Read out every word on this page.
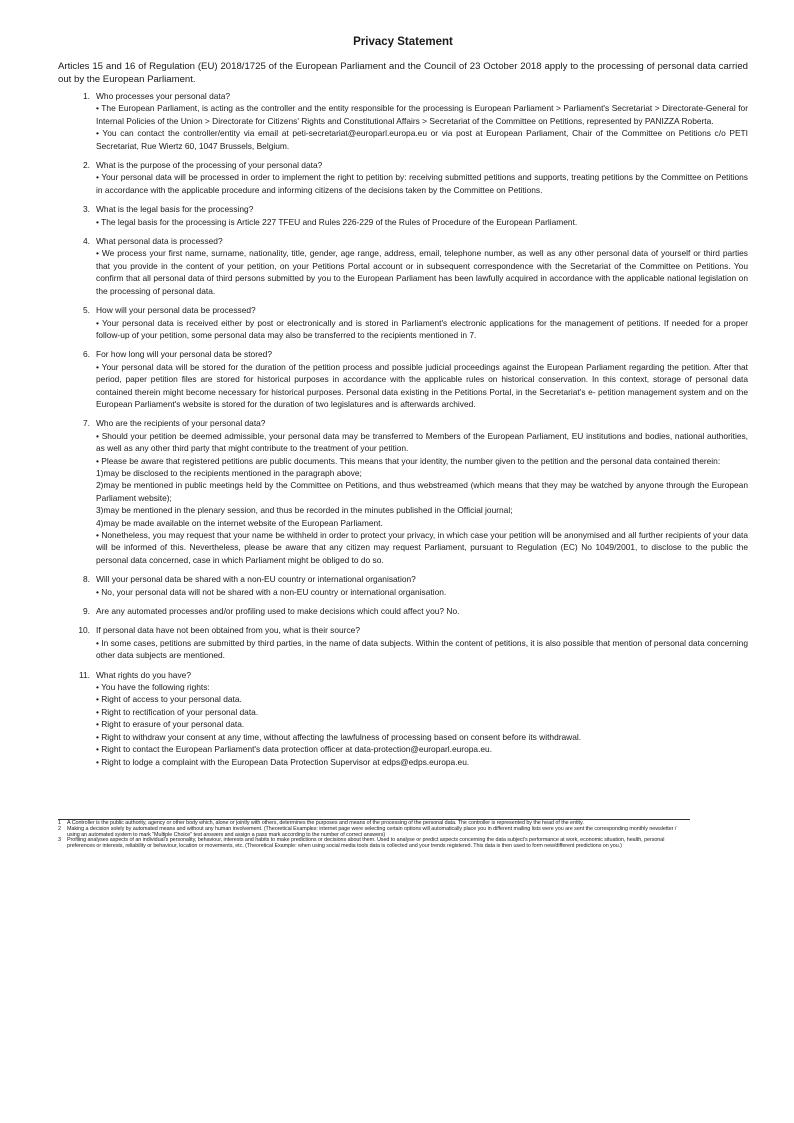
Privacy Statement

Articles 15 and 16 of Regulation (EU) 2018/1725 of the European Parliament and the Council of 23 October 2018 apply to the processing of personal data carried out by the European Parliament.

1. Who processes your personal data?
• The European Parliament, is acting as the controller and the entity responsible for the processing is European Parliament > Parliament's Secretariat > Directorate-General for Internal Policies of the Union > Directorate for Citizens' Rights and Constitutional Affairs > Secretariat of the Committee on Petitions, represented by PANIZZA Roberta.
• You can contact the controller/entity via email at peti-secretariat@europarl.europa.eu or via post at European Parliament, Chair of the Committee on Petitions c/o PETI Secretariat, Rue Wiertz 60, 1047 Brussels, Belgium.
2. What is the purpose of the processing of your personal data?
• Your personal data will be processed in order to implement the right to petition by: receiving submitted petitions and supports, treating petitions by the Committee on Petitions in accordance with the applicable procedure and informing citizens of the decisions taken by the Committee on Petitions.
3. What is the legal basis for the processing?
• The legal basis for the processing is Article 227 TFEU and Rules 226-229 of the Rules of Procedure of the European Parliament.
4. What personal data is processed?
• We process your first name, surname, nationality, title, gender, age range, address, email, telephone number, as well as any other personal data of yourself or third parties that you provide in the content of your petition, on your Petitions Portal account or in subsequent correspondence with the Secretariat of the Committee on Petitions. You confirm that all personal data of third persons submitted by you to the European Parliament has been lawfully acquired in accordance with the applicable national legislation on the processing of personal data.
5. How will your personal data be processed?
• Your personal data is received either by post or electronically and is stored in Parliament's electronic applications for the management of petitions. If needed for a proper follow-up of your petition, some personal data may also be transferred to the recipients mentioned in 7.
6. For how long will your personal data be stored?
• Your personal data will be stored for the duration of the petition process and possible judicial proceedings against the European Parliament regarding the petition. After that period, paper petition files are stored for historical purposes in accordance with the applicable rules on historical conservation. In this context, storage of personal data contained therein might become necessary for historical purposes. Personal data existing in the Petitions Portal, in the Secretariat's e- petition management system and on the European Parliament's website is stored for the duration of two legislatures and is afterwards archived.
7. Who are the recipients of your personal data?
• Should your petition be deemed admissible, your personal data may be transferred to Members of the European Parliament, EU institutions and bodies, national authorities, as well as any other third party that might contribute to the treatment of your petition.
• Please be aware that registered petitions are public documents. This means that your identity, the number given to the petition and the personal data contained therein:
1)may be disclosed to the recipients mentioned in the paragraph above;
2)may be mentioned in public meetings held by the Committee on Petitions, and thus webstreamed (which means that they may be watched by anyone through the European Parliament website);
3)may be mentioned in the plenary session, and thus be recorded in the minutes published in the Official journal;
4)may be made available on the internet website of the European Parliament.
• Nonetheless, you may request that your name be withheld in order to protect your privacy, in which case your petition will be anonymised and all further recipients of your data will be informed of this. Nevertheless, please be aware that any citizen may request Parliament, pursuant to Regulation (EC) No 1049/2001, to disclose to the public the personal data concerned, case in which Parliament might be obliged to do so.
8. Will your personal data be shared with a non-EU country or international organisation?
• No, your personal data will not be shared with a non-EU country or international organisation.
9. Are any automated processes and/or profiling used to make decisions which could affect you? No.
10. If personal data have not been obtained from you, what is their source?
• In some cases, petitions are submitted by third parties, in the name of data subjects. Within the content of petitions, it is also possible that mention of personal data concerning other data subjects are mentioned.
11. What rights do you have?
• You have the following rights:
• Right of access to your personal data.
• Right to rectification of your personal data.
• Right to erasure of your personal data.
• Right to withdraw your consent at any time, without affecting the lawfulness of processing based on consent before its withdrawal.
• Right to contact the European Parliament's data protection officer at data-protection@europarl.europa.eu.
• Right to lodge a complaint with the European Data Protection Supervisor at edps@edps.europa.eu.
1 A Controller is the public authority, agency or other body which, alone or jointly with others, determines the purposes and means of the processing of the personal data. The controller is represented by the head of the entity.
2 Making a decision solely by automated means and without any human involvement. (Theoretical Examples: internet page were selecting certain options will automatically place you in different mailing lists were you are sent the corresponding monthly newsletter / using an automated system to mark "Multiple Choice" test answers and assign a pass mark according to the number of correct answers)
3 Profiling analyses aspects of an individual's personality, behaviour, interests and habits to make predictions or decisions about them. Used to analyse or predict aspects concerning the data subject's performance at work, economic situation, health, personal preferences or interests, reliability or behaviour, location or movements, etc. (Theoretical Example: when using social media tools data is collected and your trends registered. This data is then used to form new/different predictions on you.)
